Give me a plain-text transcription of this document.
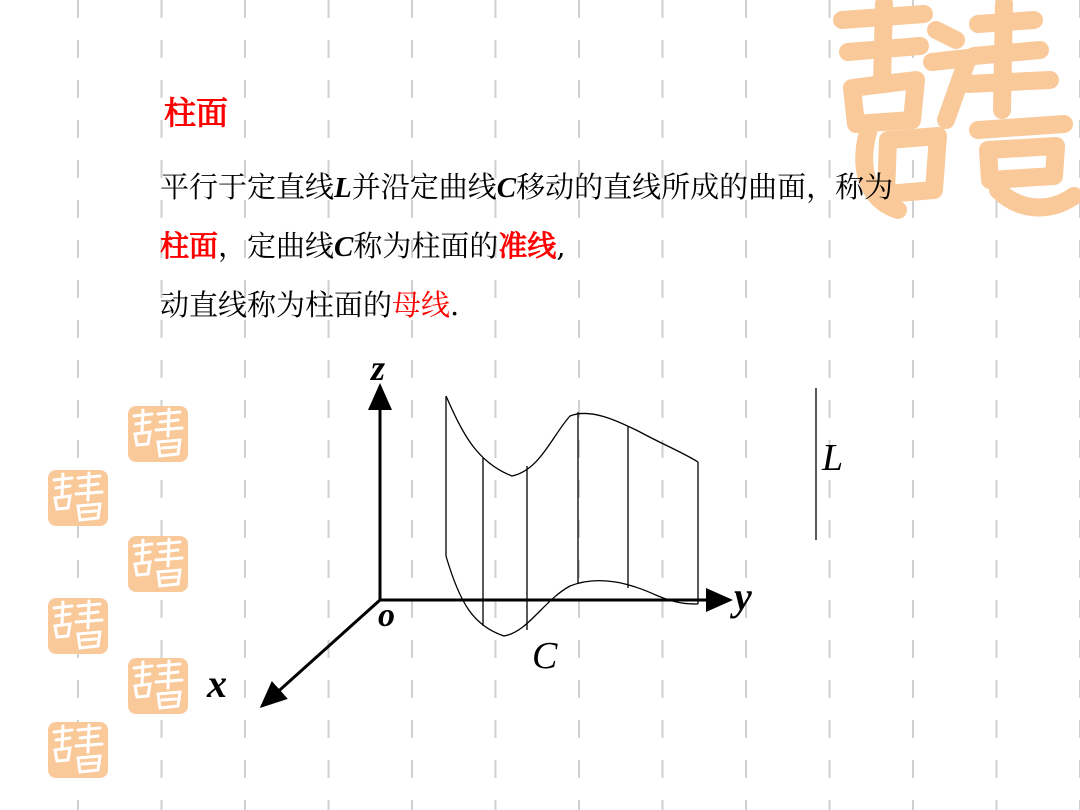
柱面

平行于定直线L并沿定曲线C移动的直线所成的曲面，称为柱面，定曲线C称为柱面的准线,
动直线称为柱面的母线.

z
y
x
o
C
L
